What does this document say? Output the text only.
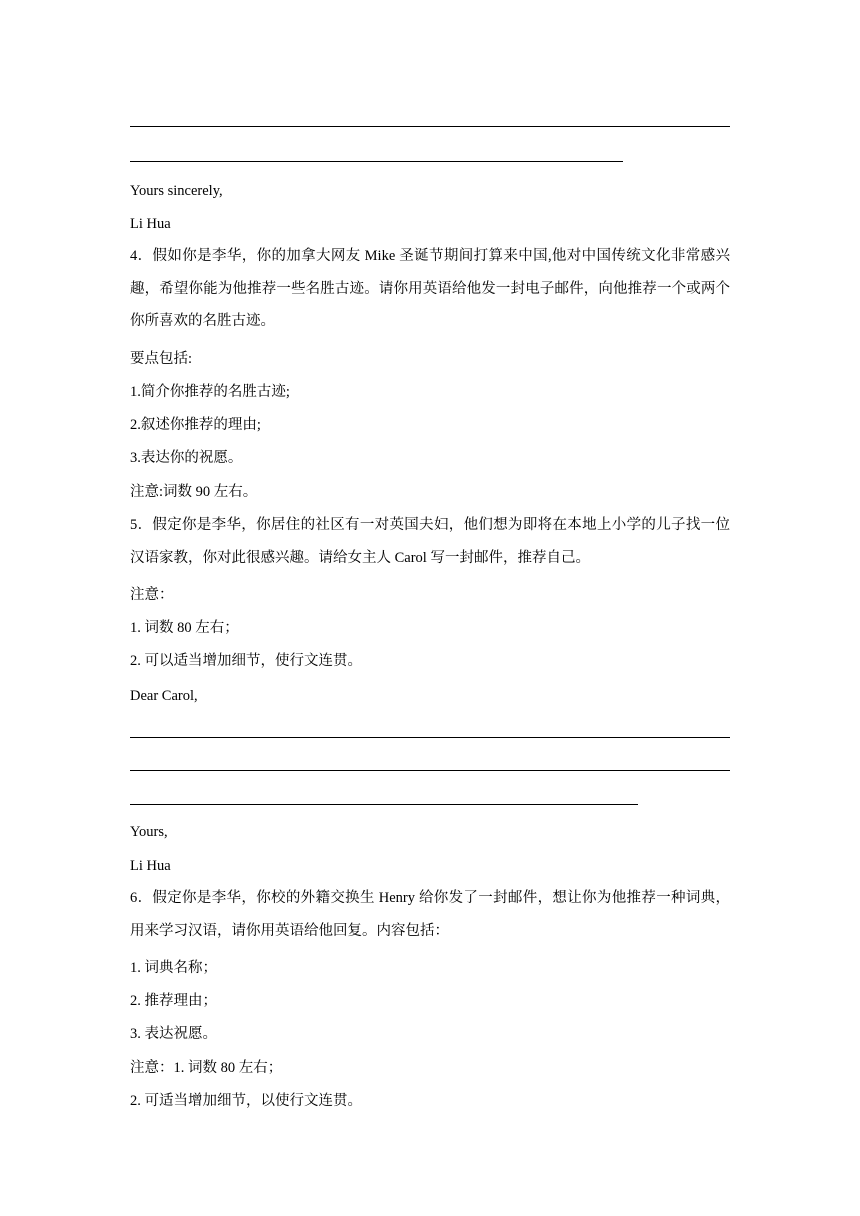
Yours sincerely,
Li Hua
4．假如你是李华，你的加拿大网友 Mike 圣诞节期间打算来中国,他对中国传统文化非常感兴趣，希望你能为他推荐一些名胜古迹。请你用英语给他发一封电子邮件，向他推荐一个或两个你所喜欢的名胜古迹。
要点包括:
1.简介你推荐的名胜古迹;
2.叙述你推荐的理由;
3.表达你的祝愿。
注意:词数 90 左右。
5．假定你是李华，你居住的社区有一对英国夫妇，他们想为即将在本地上小学的儿子找一位汉语家教，你对此很感兴趣。请给女主人 Carol 写一封邮件，推荐自己。
注意：
1. 词数 80 左右；
2. 可以适当增加细节，使行文连贯。
Dear Carol,
Yours,
Li Hua
6．假定你是李华，你校的外籍交换生 Henry 给你发了一封邮件，想让你为他推荐一种词典，用来学习汉语，请你用英语给他回复。内容包括：
1. 词典名称；
2. 推荐理由；
3. 表达祝愿。
注意：1. 词数 80 左右；
2. 可适当增加细节，以使行文连贯。
